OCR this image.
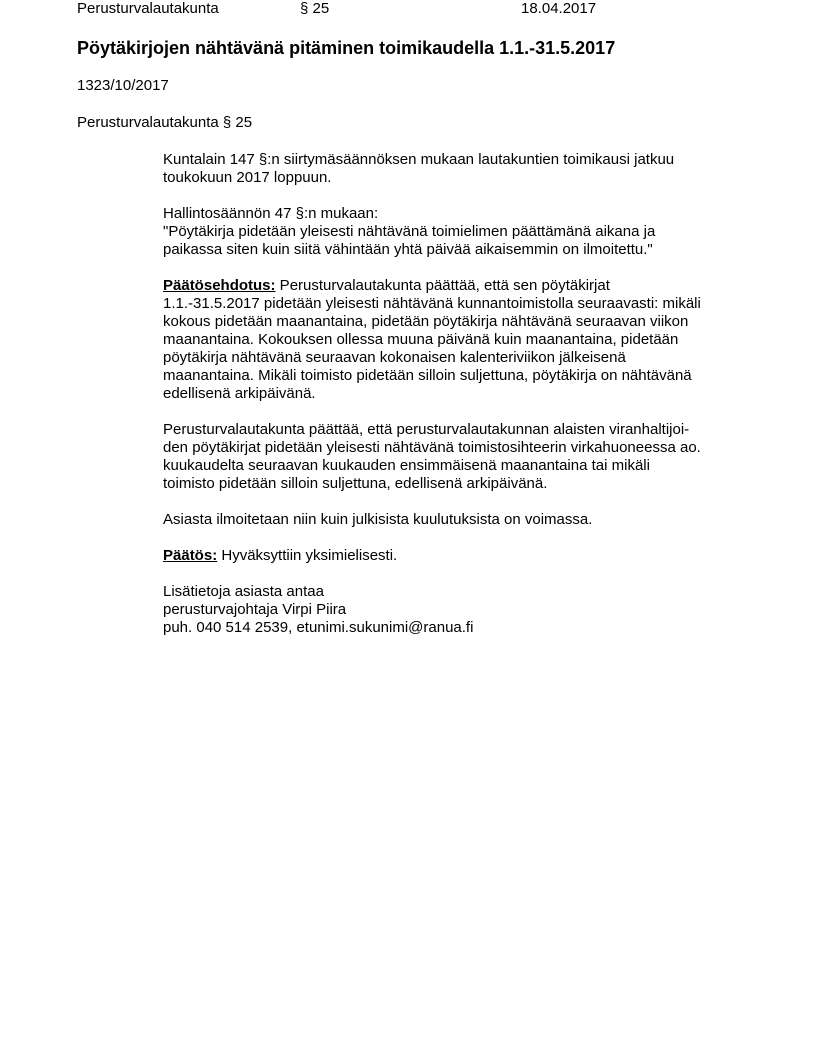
Perusturvalautakunta	§ 25	18.04.2017
Pöytäkirjojen nähtävänä pitäminen toimikaudella 1.1.-31.5.2017
1323/10/2017
Perusturvalautakunta § 25

Kuntalain 147 §:n siirtymäsäännöksen mukaan lautakuntien toimikausi jatkuu
toukokuun 2017 loppuun.

Hallintosäännön 47 §:n mukaan:
"Pöytäkirja pidetään yleisesti nähtävänä toimielimen päättämänä aikana ja
paikassa siten kuin siitä vähintään yhtä päivää aikaisemmin on ilmoitettu."

Päätösehdotus: Perusturvalautakunta päättää, että sen pöytäkirjat
1.1.-31.5.2017 pidetään yleisesti nähtävänä kunnantoimistolla seuraavasti: mikäli
kokous pidetään maanantaina, pidetään pöytäkirja nähtävänä seuraavan viikon
maanantaina. Kokouksen ollessa muuna päivänä kuin maanantaina, pidetään
pöytäkirja nähtävänä seuraavan kokonaisen kalenteriviikon jälkeisenä
maanantaina. Mikäli toimisto pidetään silloin suljettuna, pöytäkirja on nähtävänä
edellisenä arkipäivänä.

Perusturvalautakunta päättää, että perusturvalautakunnan alaisten viranhaltijoi-
den pöytäkirjat pidetään yleisesti nähtävänä toimistosihteerin virkahuoneessa ao.
kuukaudelta seuraavan kuukauden ensimmäisenä maanantaina tai mikäli
toimisto pidetään silloin suljettuna, edellisenä arkipäivänä.

Asiasta ilmoitetaan niin kuin julkisista kuulutuksista on voimassa.

Päätös: Hyväksyttiin yksimielisesti.

Lisätietoja asiasta antaa
perusturvajohtaja Virpi Piira
puh. 040 514 2539, etunimi.sukunimi@ranua.fi
